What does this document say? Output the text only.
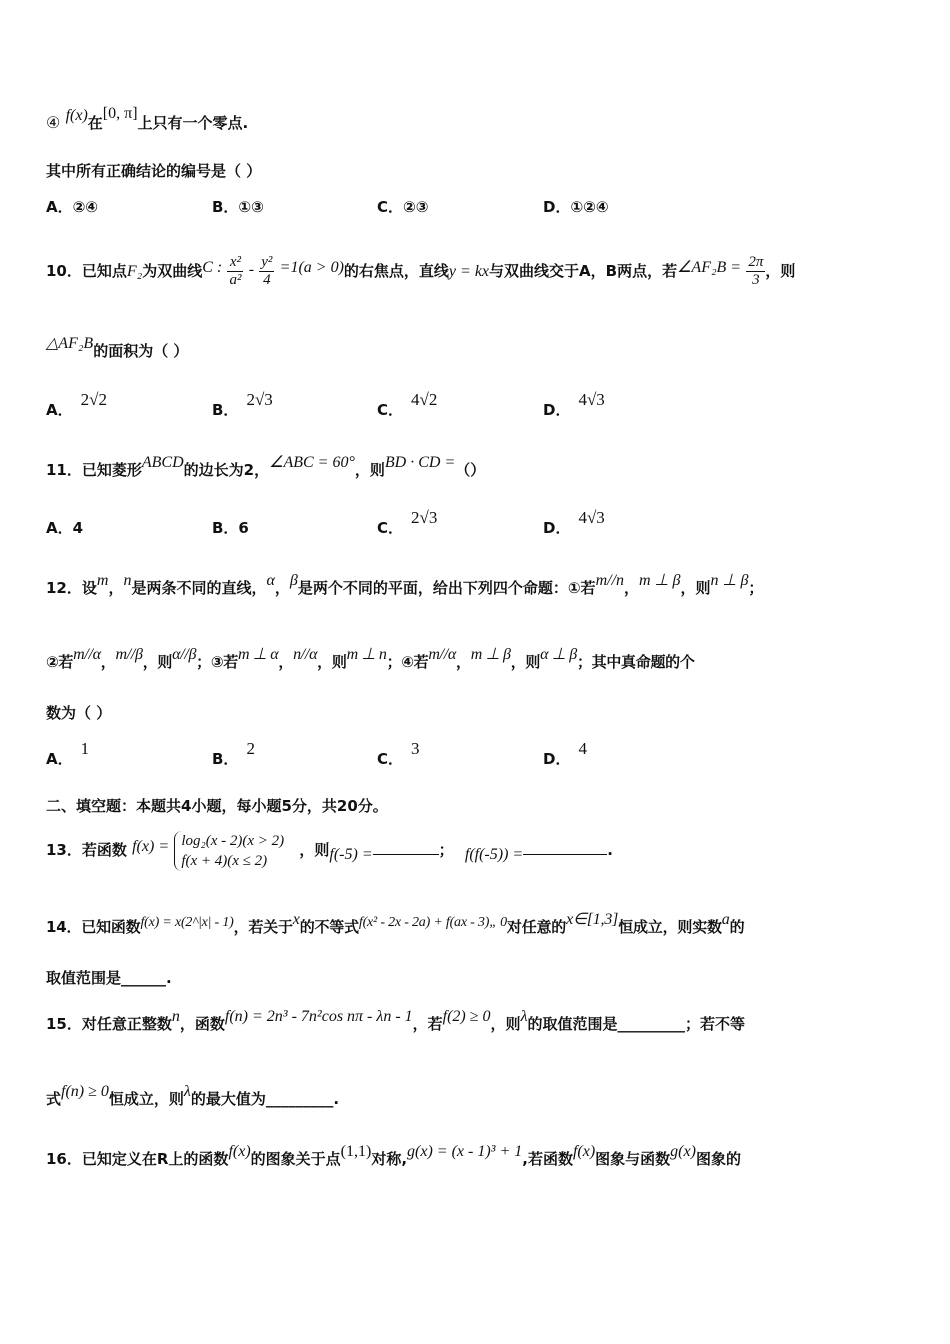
④ f(x)在[0, π]上只有一个零点.
其中所有正确结论的编号是（ ）
A．②④	B．①③	C．②③	D．①②④
10．已知点F₂为双曲线C : $\frac{\text{x²}}{\text{a²}} - \frac{\text{y²}}{4} =1(a > 0)$的右焦点，直线y = kx与双曲线交于A，B两点，若∠AF₂B = $\frac{2\pi}{3}$ ，则
△AF₂B的面积为（ ）
A．2√2
B．2√3
C．4√2
D．4√3
11．已知菱形ABCD的边长为2，∠ABC = 60°，则BD · CD =（）
A．4	B．6	C．2√3
D．4√3
12．设m，n是两条不同的直线，α，β是两个不同的平面，给出下列四个命题：①若m//n，m ⊥ β，则n ⊥ β；
②若m//α，m//β，则α//β；③若m ⊥ α，n//α，则m ⊥ n；④若m//α，m ⊥ β，则α ⊥ β；其中真命题的个
数为（ ）
A．1
B．2
C．3
D．4
二、填空题：本题共4小题，每小题5分，共20分。
13．若函数 f(x) = log₂(x - 2)(x > 2)
f(x + 4)(x ≤ 2)
，则f(-5) =	； f(f(-5)) =	.
14．已知函数f(x) = x(2^|x| - 1)，若关于x的不等式f(x² - 2x - 2a) + f(ax - 3)„ 0对任意的x∈[1,3]恒成立，则实数a的
取值范围是______.
15．对任意正整数n，函数f(n) = 2n³ - 7n²cos nπ - λn - 1，若f(2) ≥ 0，则λ的取值范围是_________；若不等
式f(n) ≥ 0恒成立，则λ的最大值为_________.
16．已知定义在R上的函数f(x)的图象关于点(1,1)对称,g(x) = (x - 1)³ + 1,若函数f(x)图象与函数g(x)图象的
